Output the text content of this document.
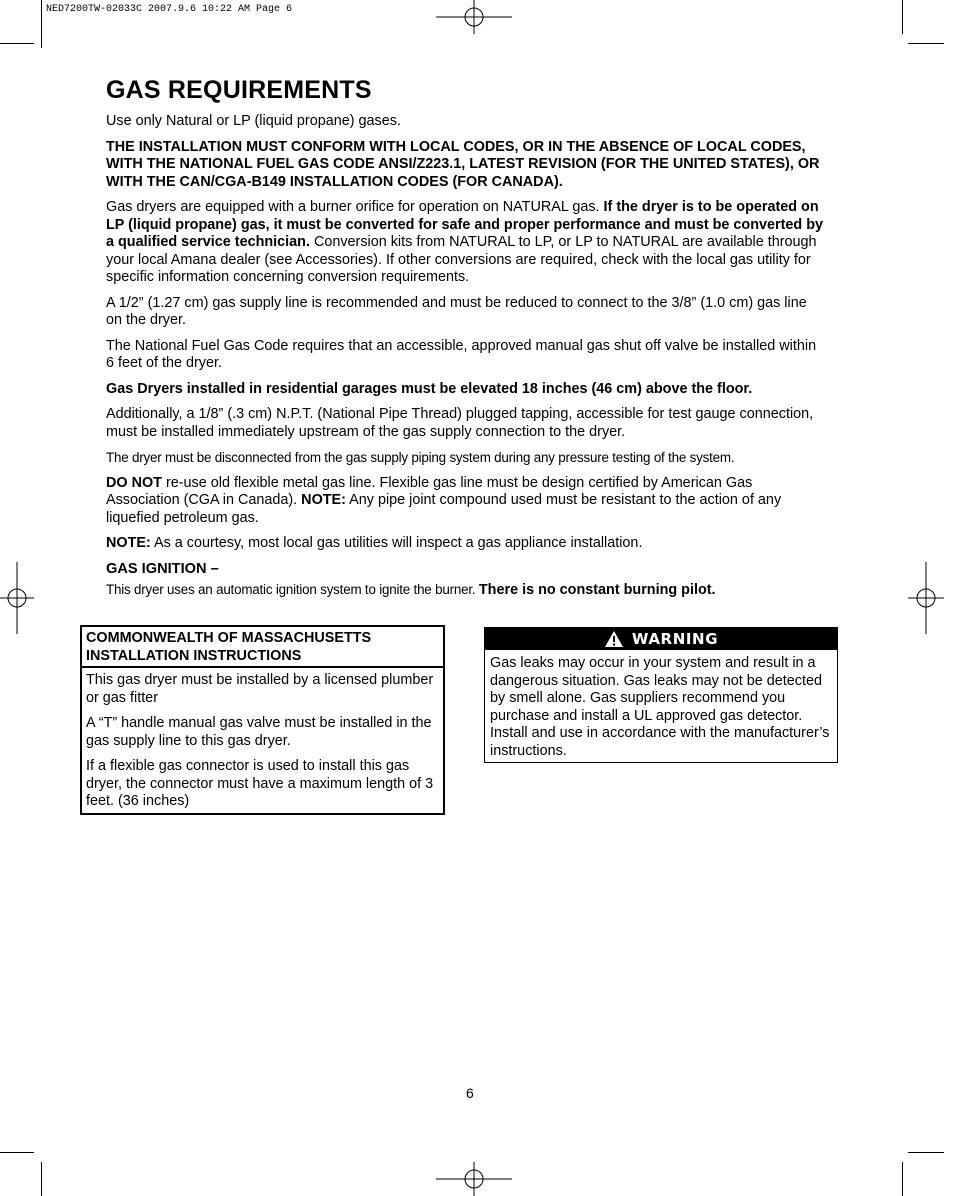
NED7200TW-02033C 2007.9.6 10:22 AM Page 6
GAS REQUIREMENTS

Use only Natural or LP (liquid propane) gases.

THE INSTALLATION MUST CONFORM WITH LOCAL CODES, OR IN THE ABSENCE OF LOCAL CODES, WITH THE NATIONAL FUEL GAS CODE ANSI/Z223.1, LATEST REVISION (FOR THE UNITED STATES), OR WITH THE CAN/CGA-B149 INSTALLATION CODES (FOR CANADA).

Gas dryers are equipped with a burner orifice for operation on NATURAL gas. If the dryer is to be operated on LP (liquid propane) gas, it must be converted for safe and proper performance and must be converted by a qualified service technician. Conversion kits from NATURAL to LP, or LP to NATURAL are available through your local Amana dealer (see Accessories). If other conversions are required, check with the local gas utility for specific information concerning conversion requirements.

A 1/2” (1.27 cm) gas supply line is recommended and must be reduced to connect to the 3/8” (1.0 cm) gas line on the dryer.

The National Fuel Gas Code requires that an accessible, approved manual gas shut off valve be installed within 6 feet of the dryer.

Gas Dryers installed in residential garages must be elevated 18 inches (46 cm) above the floor.

Additionally, a 1/8” (.3 cm) N.P.T. (National Pipe Thread) plugged tapping, accessible for test gauge connection, must be installed immediately upstream of the gas supply connection to the dryer.

The dryer must be disconnected from the gas supply piping system during any pressure testing of the system.

DO NOT re-use old flexible metal gas line. Flexible gas line must be design certified by American Gas Association (CGA in Canada). NOTE: Any pipe joint compound used must be resistant to the action of any liquefied petroleum gas.

NOTE: As a courtesy, most local gas utilities will inspect a gas appliance installation.

GAS IGNITION –

This dryer uses an automatic ignition system to ignite the burner. There is no constant burning pilot.

COMMONWEALTH OF MASSACHUSETTS INSTALLATION INSTRUCTIONS

This gas dryer must be installed by a licensed plumber or gas fitter

A “T” handle manual gas valve must be installed in the gas supply line to this gas dryer.

If a flexible gas connector is used to install this gas dryer, the connector must have a maximum length of 3 feet. (36 inches)

WARNING

Gas leaks may occur in your system and result in a dangerous situation. Gas leaks may not be detected by smell alone. Gas suppliers recommend you purchase and install a UL approved gas detector. Install and use in accordance with the manufacturer’s instructions.

6
